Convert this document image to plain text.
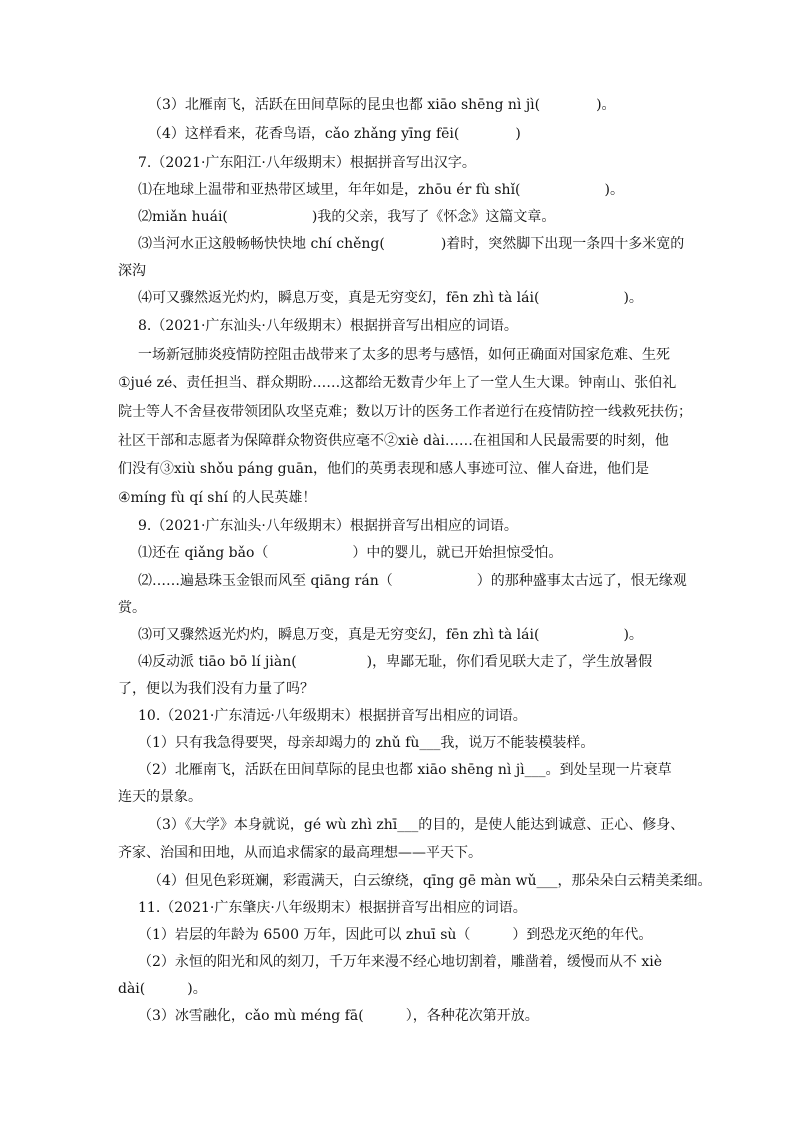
（3）北雁南飞，活跃在田间草际的昆虫也都 xiāo shēng nì jì(　　　　)。
（4）这样看来，花香鸟语，cǎo zhǎng yīng fēi(　　　　)
7.（2021·广东阳江·八年级期末）根据拼音写出汉字。
⑴在地球上温带和亚热带区域里，年年如是，zhōu ér fù shǐ(　　　　　　)。
⑵miǎn huái(　　　　　　)我的父亲，我写了《怀念》这篇文章。
⑶当河水正这般畅畅快快地 chí chěng(　　　　)着时，突然脚下出现一条四十多米宽的
深沟
⑷可又骤然返光灼灼，瞬息万变，真是无穷变幻，fēn zhì tà lái(　　　　　　)。
8.（2021·广东汕头·八年级期末）根据拼音写出相应的词语。
一场新冠肺炎疫情防控阻击战带来了太多的思考与感悟，如何正确面对国家危难、生死
①jué zé、责任担当、群众期盼……这都给无数青少年上了一堂人生大课。钟南山、张伯礼
院士等人不舍昼夜带领团队攻坚克难；数以万计的医务工作者逆行在疫情防控一线救死扶伤；
社区干部和志愿者为保障群众物资供应毫不②xiè dài……在祖国和人民最需要的时刻，他
们没有③xiù shǒu páng guān，他们的英勇表现和感人事迹可泣、催人奋进，他们是
④míng fù qí shí 的人民英雄！
9.（2021·广东汕头·八年级期末）根据拼音写出相应的词语。
⑴还在 qiǎng bǎo（　　　　　　）中的婴儿，就已开始担惊受怕。
⑵……遍悬珠玉金银而风至 qiāng rán（　　　　　　）的那种盛事太古远了，恨无缘观
赏。
⑶可又骤然返光灼灼，瞬息万变，真是无穷变幻，fēn zhì tà lái(　　　　　　)。
⑷反动派 tiāo bō lí jiàn(　　　　　)，卑鄙无耻，你们看见联大走了，学生放暑假
了，便以为我们没有力量了吗？
10.（2021·广东清远·八年级期末）根据拼音写出相应的词语。
（1）只有我急得要哭，母亲却竭力的 zhǔ fù___我，说万不能装模装样。
（2）北雁南飞，活跃在田间草际的昆虫也都 xiāo shēng nì jì___。到处呈现一片衰草
连天的景象。
（3）《大学》本身就说，gé wù zhì zhī___的目的，是使人能达到诚意、正心、修身、
齐家、治国和田地，从而追求儒家的最高理想——平天下。
（4）但见色彩斑斓，彩霞满天，白云缭绕，qīng gē màn wǔ___，那朵朵白云精美柔细。
11.（2021·广东肇庆·八年级期末）根据拼音写出相应的词语。
（1）岩层的年龄为 6500 万年，因此可以 zhuī sù（　　　）到恐龙灭绝的年代。
（2）永恒的阳光和风的刻刀，千万年来漫不经心地切割着，雕凿着，缓慢而从不 xiè
dài(　　　)。
（3）冰雪融化，cǎo mù méng fā(　　　），各种花次第开放。
